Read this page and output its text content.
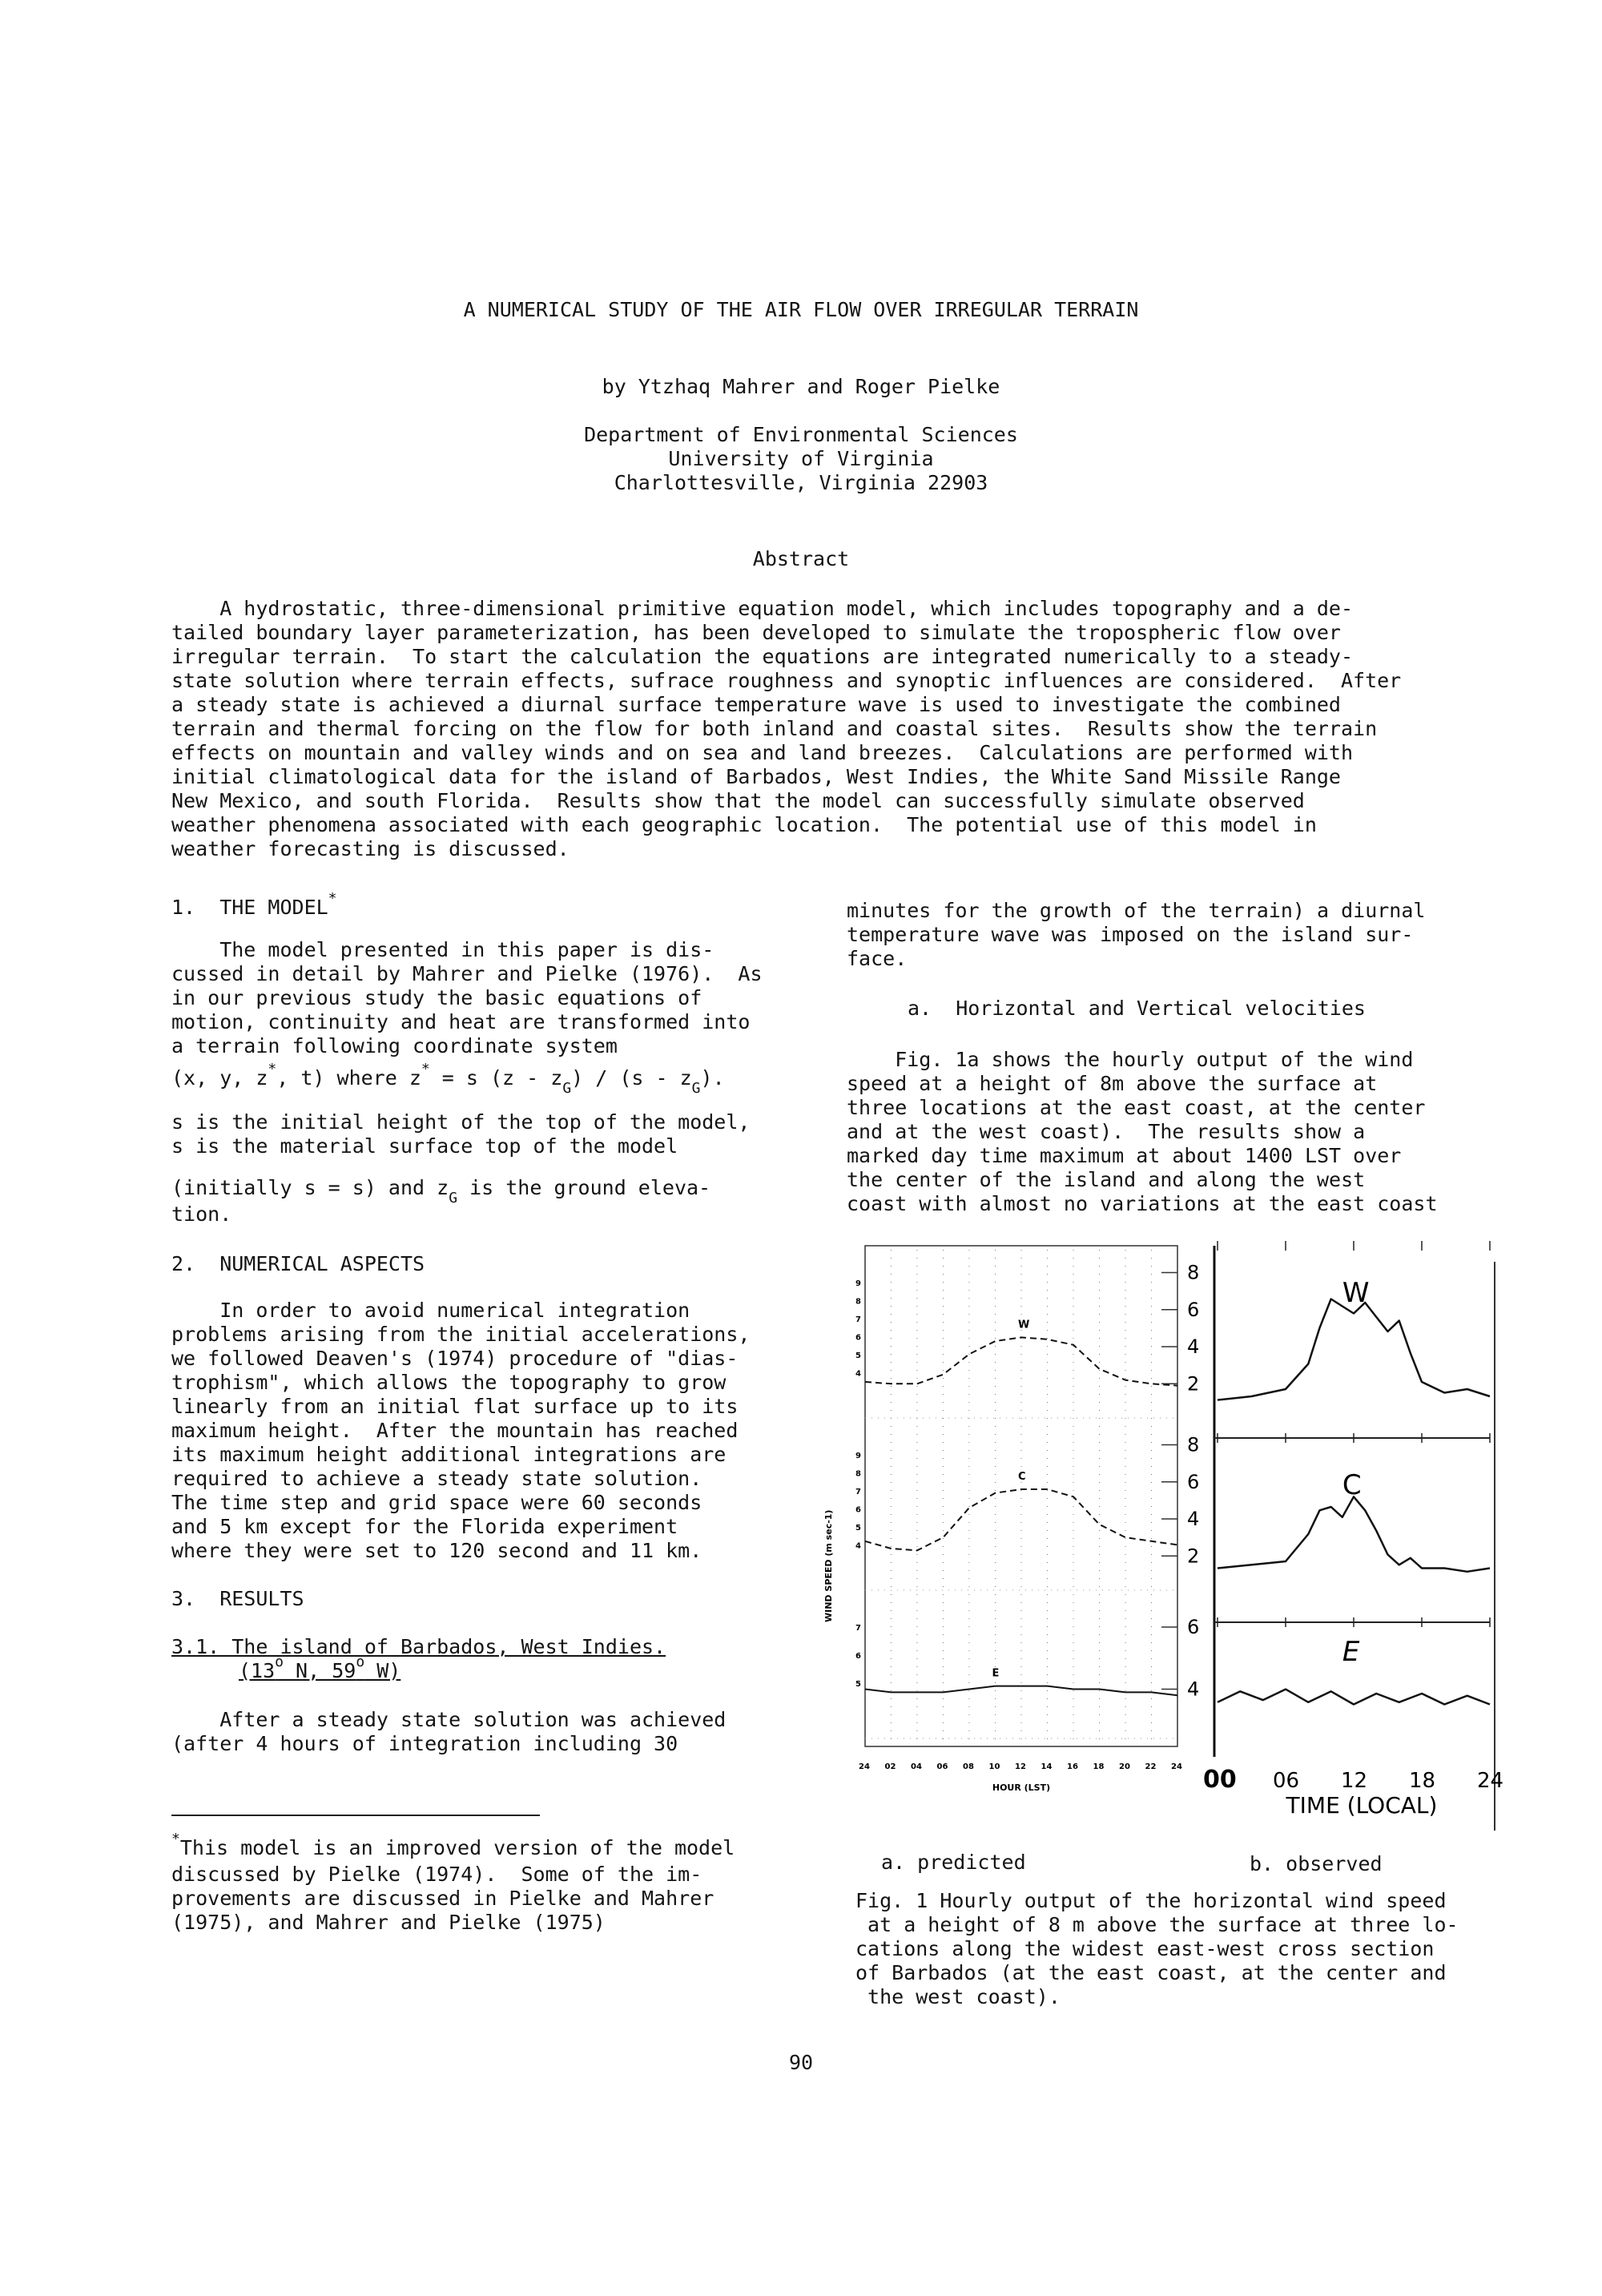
A NUMERICAL STUDY OF THE AIR FLOW OVER IRREGULAR TERRAIN
by Ytzhaq Mahrer and Roger Pielke
Department of Environmental Sciences
University of Virginia
Charlottesville, Virginia 22903
Abstract
A hydrostatic, three-dimensional primitive equation model, which includes topography and a de-
tailed boundary layer parameterization, has been developed to simulate the tropospheric flow over
irregular terrain.  To start the calculation the equations are integrated numerically to a steady-
state solution where terrain effects, sufrace roughness and synoptic influences are considered.  After
a steady state is achieved a diurnal surface temperature wave is used to investigate the combined
terrain and thermal forcing on the flow for both inland and coastal sites.  Results show the terrain
effects on mountain and valley winds and on sea and land breezes.  Calculations are performed with
initial climatological data for the island of Barbados, West Indies, the White Sand Missile Range
New Mexico, and south Florida.  Results show that the model can successfully simulate observed
weather phenomena associated with each geographic location.  The potential use of this model in
weather forecasting is discussed.
1.  THE MODEL*
The model presented in this paper is dis-
cussed in detail by Mahrer and Pielke (1976).  As
in our previous study the basic equations of
motion, continuity and heat are transformed into
a terrain following coordinate system
(x, y, z*, t) where z* = s $(z - z_G) / (s - z_G)$.
s is the initial height of the top of the model,
s is the material surface top of the model
(initially s = s) and $z_G$ is the ground eleva-
tion.
2.  NUMERICAL ASPECTS
In order to avoid numerical integration
problems arising from the initial accelerations,
we followed Deaven's (1974) procedure of "dias-
trophism", which allows the topography to grow
linearly from an initial flat surface up to its
maximum height.  After the mountain has reached
its maximum height additional integrations are
required to achieve a steady state solution.
The time step and grid space were 60 seconds
and 5 km except for the Florida experiment
where they were set to 120 second and 11 km.
3.  RESULTS
3.1. The island of Barbados, West Indies.
(13$^o$ N, 59$^o$ W)
After a steady state solution was achieved
(after 4 hours of integration including 30
*This model is an improved version of the model
discussed by Pielke (1974).  Some of the im-
provements are discussed in Pielke and Mahrer
(1975), and Mahrer and Pielke (1975)
minutes for the growth of the terrain) a diurnal
temperature wave was imposed on the island sur-
face.
a.  Horizontal and Vertical velocities
Fig. 1a shows the hourly output of the wind
speed at a height of 8m above the surface at
three locations at the east coast, at the center
and at the west coast).  The results show a
marked day time maximum at about 1400 LST over
the center of the island and along the west
coast with almost no variations at the east coast
W
8
6
4
2
9
8
7
6
5
4
C
8
6
4
2
9
8
7
6
5
4
E
6
4
7
6
5
24 02 04 06 08 10 12 14 16 18 20 22 24
WIND SPEED (m sec-1)
HOUR (LST)
W
C
E
00 06 12 18 24
TIME (LOCAL)
a. predicted	b. observed
Fig. 1 Hourly output of the horizontal wind speed
at a height of 8 m above the surface at three lo-
cations along the widest east-west cross section
of Barbados (at the east coast, at the center and
the west coast).
90
